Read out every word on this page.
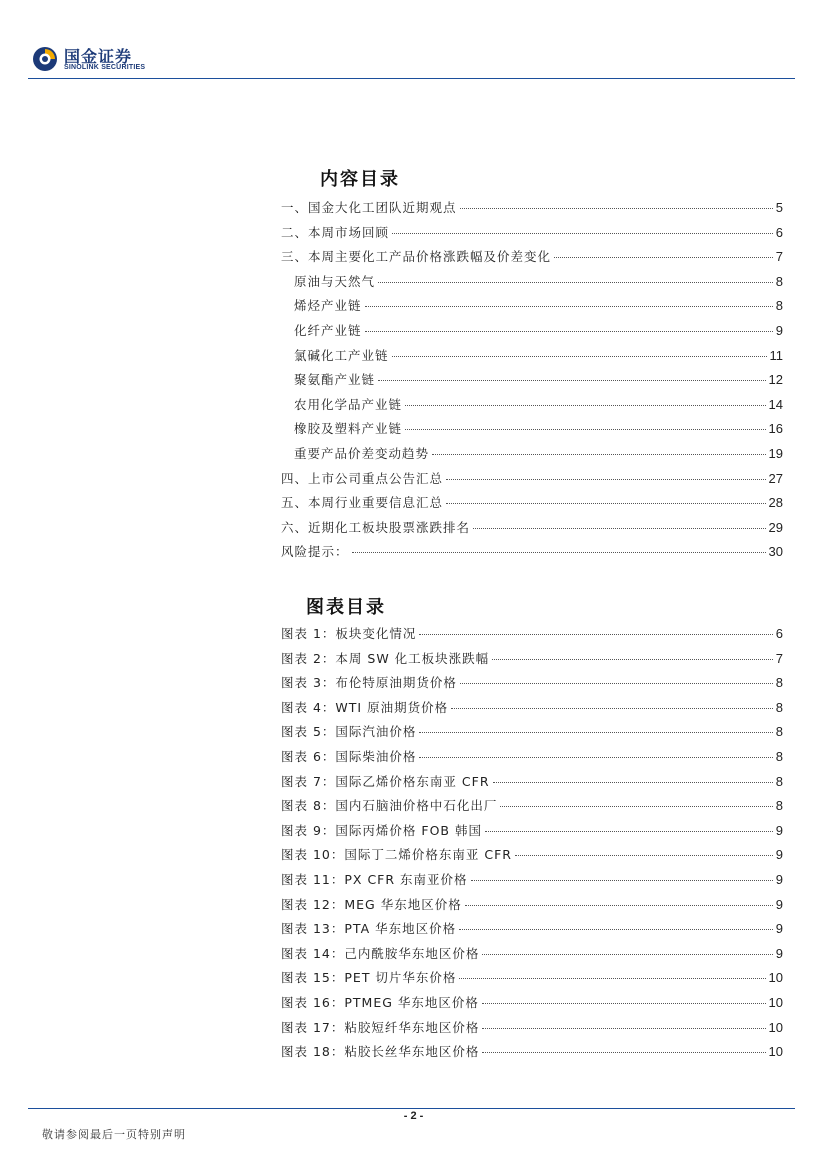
国金证券
SINOLINK SECURITIES
内容目录
一、国金大化工团队近期观点	5
二、本周市场回顾	6
三、本周主要化工产品价格涨跌幅及价差变化	7
原油与天然气	8
烯烃产业链	8
化纤产业链	9
氯碱化工产业链	11
聚氨酯产业链	12
农用化学品产业链	14
橡胶及塑料产业链	16
重要产品价差变动趋势	19
四、上市公司重点公告汇总	27
五、本周行业重要信息汇总	28
六、近期化工板块股票涨跌排名	29
风险提示：	30
图表目录
图表 1：板块变化情况	6
图表 2：本周 SW 化工板块涨跌幅	7
图表 3：布伦特原油期货价格	8
图表 4：WTI 原油期货价格	8
图表 5：国际汽油价格	8
图表 6：国际柴油价格	8
图表 7：国际乙烯价格东南亚 CFR	8
图表 8：国内石脑油价格中石化出厂	8
图表 9：国际丙烯价格 FOB 韩国	9
图表 10：国际丁二烯价格东南亚 CFR	9
图表 11：PX CFR 东南亚价格	9
图表 12：MEG 华东地区价格	9
图表 13：PTA 华东地区价格	9
图表 14：己内酰胺华东地区价格	9
图表 15：PET 切片华东价格	10
图表 16：PTMEG 华东地区价格	10
图表 17：粘胶短纤华东地区价格	10
图表 18：粘胶长丝华东地区价格	10
- 2 -
敬请参阅最后一页特别声明
